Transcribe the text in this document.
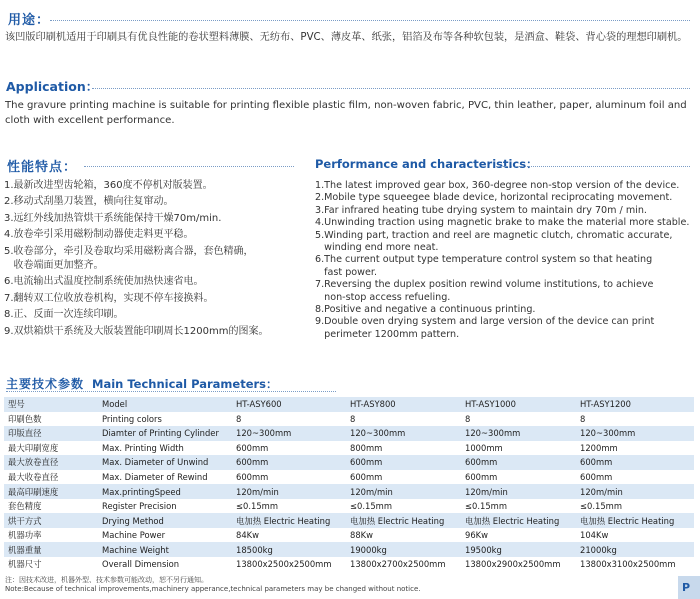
用途：
该凹版印刷机适用于印刷具有优良性能的卷状塑料薄膜、无纺布、PVC、薄皮革、纸张，铝箔及布等各种软包装，是酒盒、鞋袋、背心袋的理想印刷机。
Application：
The gravure printing machine is suitable for printing flexible plastic film, non-woven fabric, PVC, thin leather, paper, aluminum foil and cloth with excellent performance.
性能特点：
1.最新改进型齿轮箱，360度不停机对版装置。
2.移动式刮墨刀装置，横向往复窜动。
3.远红外线加热管烘干系统能保持干燥70m/min.
4.放卷牵引采用磁粉制动器使走料更平稳。
5.收卷部分，牵引及卷取均采用磁粉离合器，套色精确，
收卷端面更加整齐。
6.电流输出式温度控制系统使加热快速省电。
7.翻转双工位收放卷机构，实现不停车接换料。
8.正、反面一次连续印刷。
9.双烘箱烘干系统及大版装置能印刷周长1200mm的图案。
Performance and characteristics：
1.The latest improved gear box, 360-degree non-stop version of the device.
2.Mobile type squeegee blade device, horizontal reciprocating movement.
3.Far infrared heating tube drying system to maintain dry 70m / min.
4.Unwinding traction using magnetic brake to make the material more stable.
5.Winding part, traction and reel are magnetic clutch, chromatic accurate,
winding end more neat.
6.The current output type temperature control system so that heating
fast power.
7.Reversing the duplex position rewind volume institutions, to achieve
non-stop access refueling.
8.Positive and negative a continuous printing.
9.Double oven drying system and large version of the device can print
perimeter 1200mm pattern.
主要技术参数 Main Technical Parameters：
型号	Model	HT-ASY600	HT-ASY800	HT-ASY1000	HT-ASY1200
印刷色数	Printing colors	8	8	8	8
印版直径	Diamter of Printing Cylinder	120~300mm	120~300mm	120~300mm	120~300mm
最大印刷宽度	Max. Printing Width	600mm	800mm	1000mm	1200mm
最大放卷直径	Max. Diameter of Unwind	600mm	600mm	600mm	600mm
最大收卷直径	Max. Diameter of Rewind	600mm	600mm	600mm	600mm
最高印刷速度	Max.printingSpeed	120m/min	120m/min	120m/min	120m/min
套色精度	Register Precision	≤0.15mm	≤0.15mm	≤0.15mm	≤0.15mm
烘干方式	Drying Method	电加热 Electric Heating	电加热 Electric Heating	电加热 Electric Heating	电加热 Electric Heating
机器功率	Machine Power	84Kw	88Kw	96Kw	104Kw
机器重量	Machine Weight	18500kg	19000kg	19500kg	21000kg
机器尺寸	Overall Dimension	13800x2500x2500mm	13800x2700x2500mm	13800x2900x2500mm	13800x3100x2500mm
注：因技术改进，机器外型、技术参数可能改动，恕不另行通知。
Note:Because of technical improvements,machinery apperance,technical parameters may be changed without notice.	P
